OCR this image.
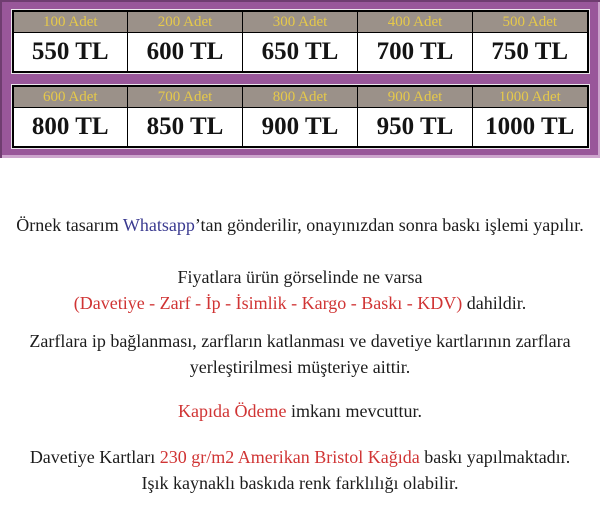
100 Adet	200 Adet	300 Adet	400 Adet	500 Adet
550 TL	600 TL	650 TL	700 TL	750 TL
600 Adet	700 Adet	800 Adet	900 Adet	1000 Adet
800 TL	850 TL	900 TL	950 TL	1000 TL

Örnek tasarım Whatsapp’tan gönderilir, onayınızdan sonra baskı işlemi yapılır.

Fiyatlara ürün görselinde ne varsa
(Davetiye - Zarf - İp - İsimlik - Kargo - Baskı - KDV) dahildir.

Zarflara ip bağlanması, zarfların katlanması ve davetiye kartlarının zarflara
yerleştirilmesi müşteriye aittir.

Kapıda Ödeme imkanı mevcuttur.

Davetiye Kartları 230 gr/m2 Amerikan Bristol Kağıda baskı yapılmaktadır.
Işık kaynaklı baskıda renk farklılığı olabilir.
